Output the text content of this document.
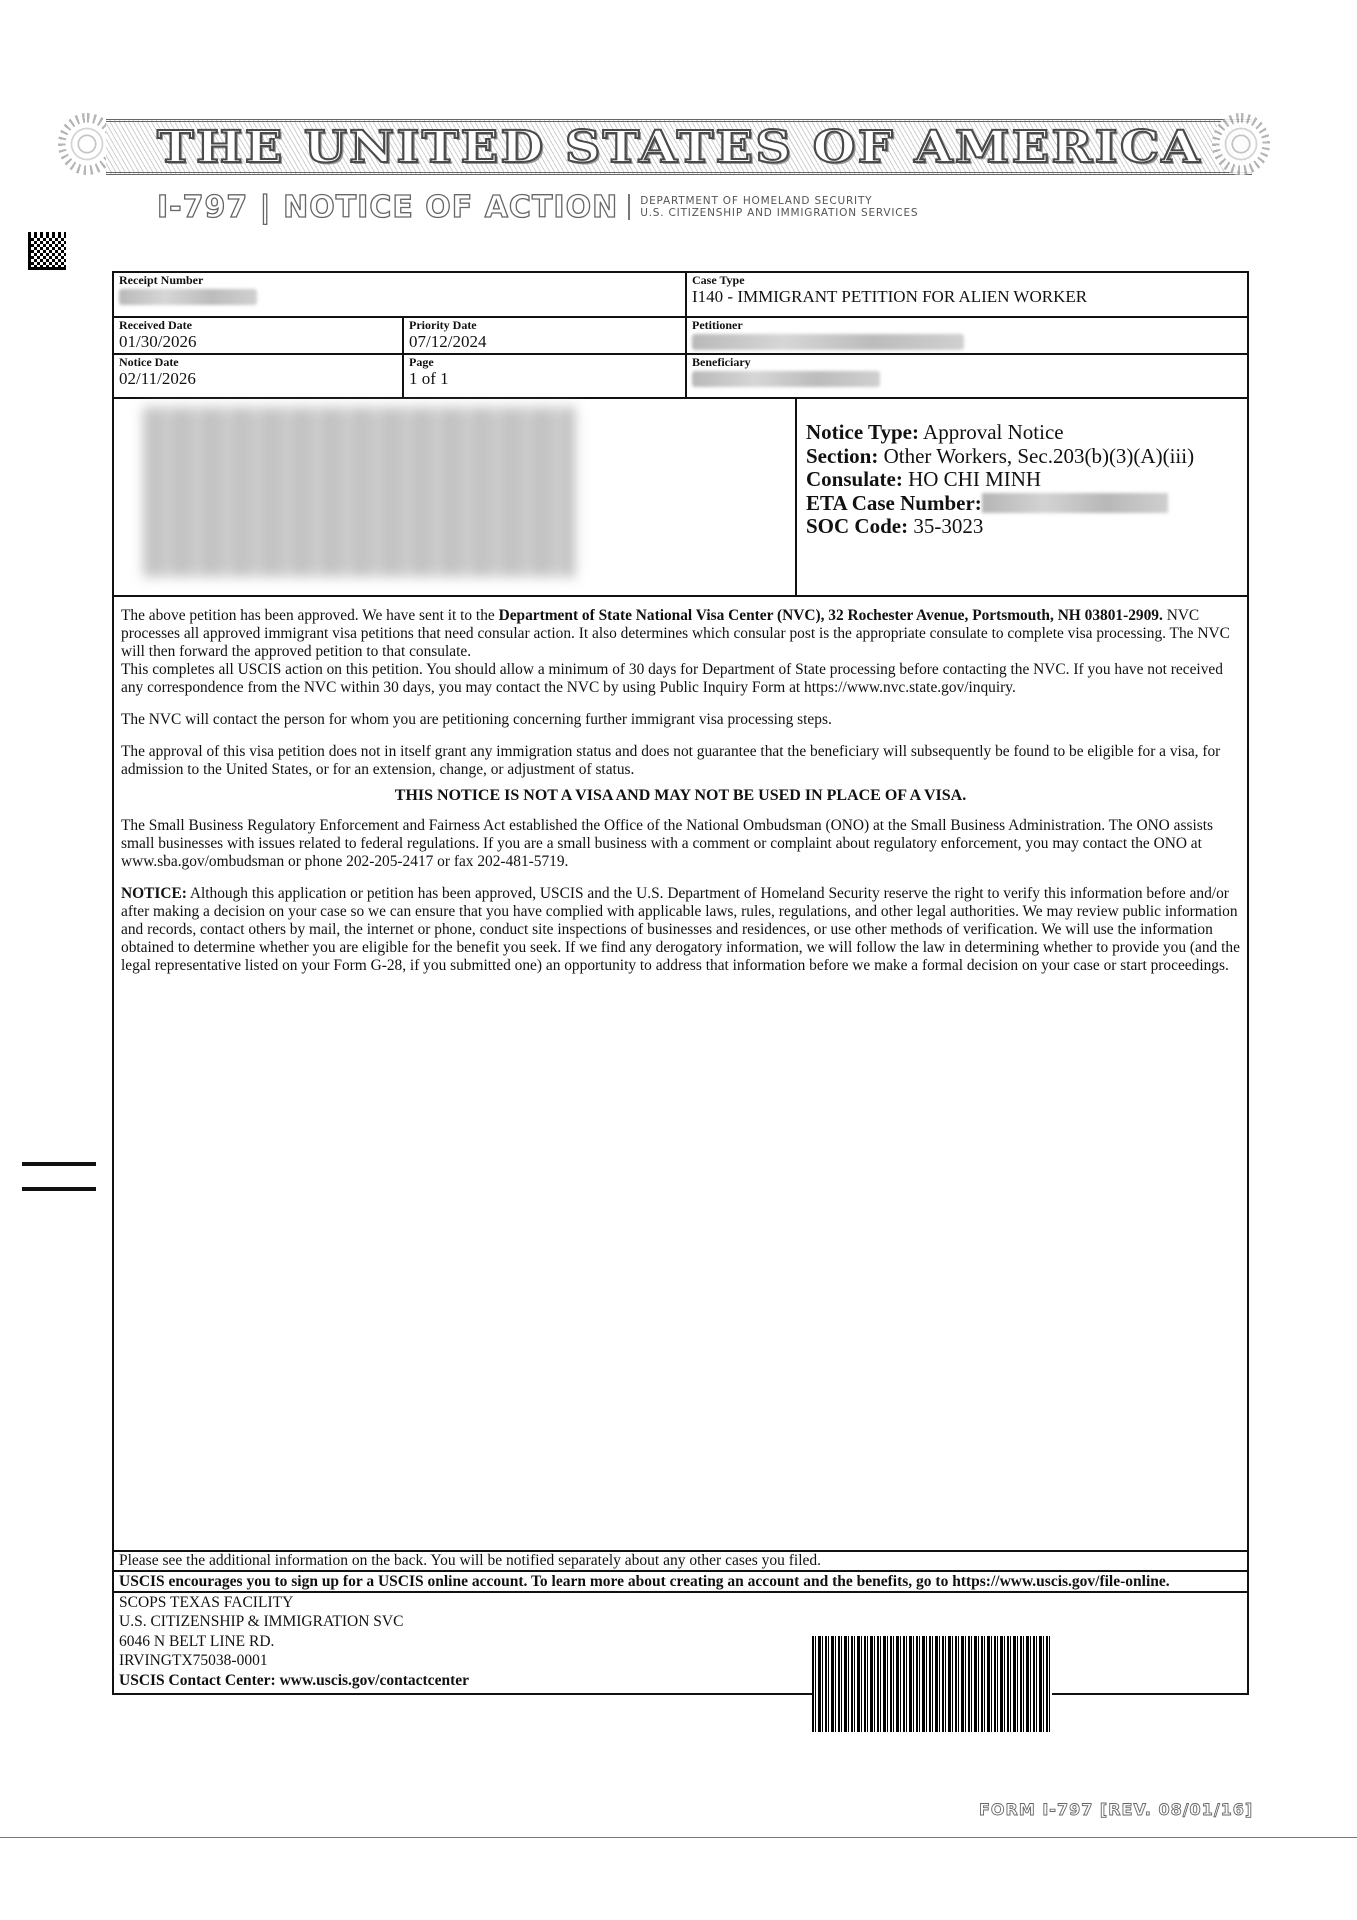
THE UNITED STATES OF AMERICA
I-797 | NOTICE OF ACTION DEPARTMENT OF HOMELAND SECURITY
U.S. CITIZENSHIP AND IMMIGRATION SERVICES
Receipt Number	Case Type
I140 - IMMIGRANT PETITION FOR ALIEN WORKER
Received Date
01/30/2026
Priority Date
07/12/2024
Petitioner
Notice Date
02/11/2026
Page
1 of 1
Beneficiary
Notice Type: Approval Notice
Section: Other Workers, Sec.203(b)(3)(A)(iii)
Consulate: HO CHI MINH
ETA Case Number:
SOC Code: 35-3023

The above petition has been approved. We have sent it to the Department of State National Visa Center (NVC), 32 Rochester Avenue, Portsmouth, NH 03801-2909. NVC processes all approved immigrant visa petitions that need consular action. It also determines which consular post is the appropriate consulate to complete visa processing. The NVC will then forward the approved petition to that consulate.

This completes all USCIS action on this petition. You should allow a minimum of 30 days for Department of State processing before contacting the NVC. If you have not received any correspondence from the NVC within 30 days, you may contact the NVC by using Public Inquiry Form at https://www.nvc.state.gov/inquiry.

The NVC will contact the person for whom you are petitioning concerning further immigrant visa processing steps.

The approval of this visa petition does not in itself grant any immigration status and does not guarantee that the beneficiary will subsequently be found to be eligible for a visa, for admission to the United States, or for an extension, change, or adjustment of status.

THIS NOTICE IS NOT A VISA AND MAY NOT BE USED IN PLACE OF A VISA.

The Small Business Regulatory Enforcement and Fairness Act established the Office of the National Ombudsman (ONO) at the Small Business Administration. The ONO assists small businesses with issues related to federal regulations. If you are a small business with a comment or complaint about regulatory enforcement, you may contact the ONO at www.sba.gov/ombudsman or phone 202-205-2417 or fax 202-481-5719.

NOTICE: Although this application or petition has been approved, USCIS and the U.S. Department of Homeland Security reserve the right to verify this information before and/or after making a decision on your case so we can ensure that you have complied with applicable laws, rules, regulations, and other legal authorities. We may review public information and records, contact others by mail, the internet or phone, conduct site inspections of businesses and residences, or use other methods of verification. We will use the information obtained to determine whether you are eligible for the benefit you seek. If we find any derogatory information, we will follow the law in determining whether to provide you (and the legal representative listed on your Form G-28, if you submitted one) an opportunity to address that information before we make a formal decision on your case or start proceedings.

Please see the additional information on the back. You will be notified separately about any other cases you filed.
USCIS encourages you to sign up for a USCIS online account. To learn more about creating an account and the benefits, go to https://www.uscis.gov/file-online.
SCOPS TEXAS FACILITY
U.S. CITIZENSHIP & IMMIGRATION SVC
6046 N BELT LINE RD.
IRVINGTX75038-0001
USCIS Contact Center: www.uscis.gov/contactcenter
FORM I-797 [REV. 08/01/16]
